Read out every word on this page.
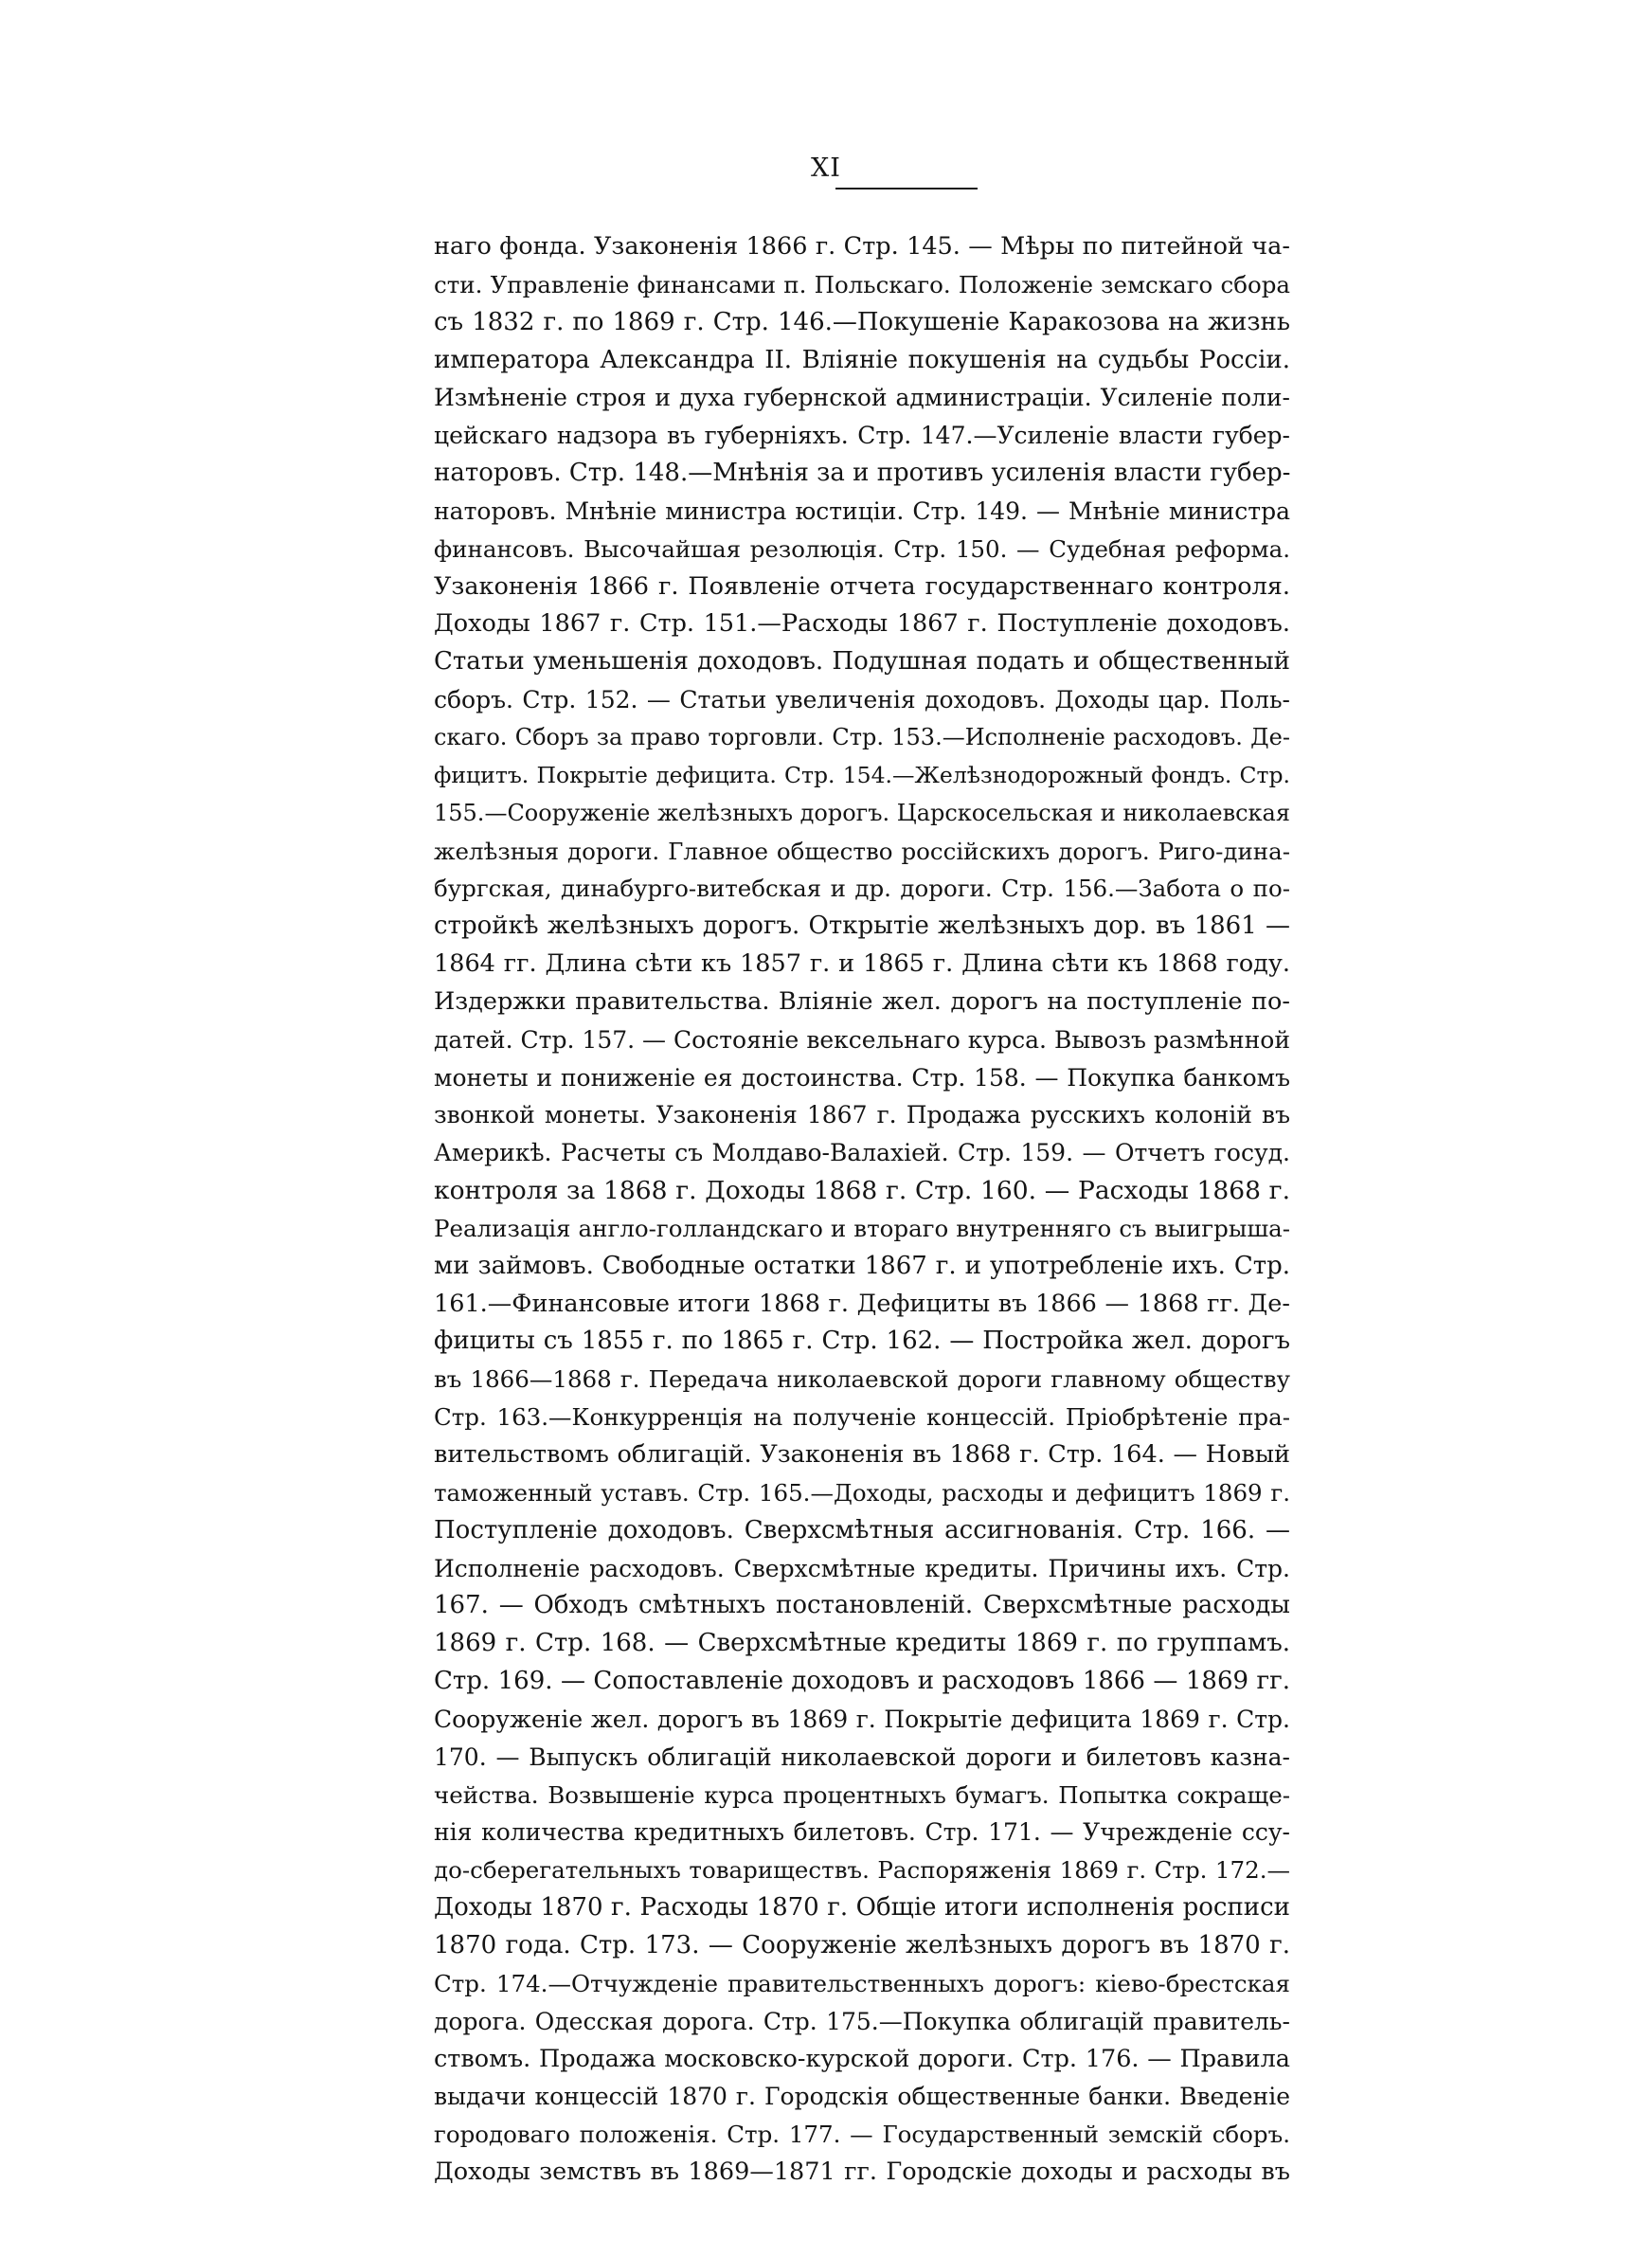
XI
наго фонда. Узаконенія 1866 г. Стр. 145. — Мѣры по питейной ча-
сти. Управленіе финансами п. Польскаго. Положеніе земскаго сбора
съ 1832 г. по 1869 г. Стр. 146.—Покушеніе Каракозова на жизнь
императора Александра II. Вліяніе покушенія на судьбы Россіи.
Измѣненіе строя и духа губернской администраціи. Усиленіе поли-
цейскаго надзора въ губерніяхъ. Стр. 147.—Усиленіе власти губер-
наторовъ. Стр. 148.—Мнѣнія за и противъ усиленія власти губер-
наторовъ. Мнѣніе министра юстиціи. Стр. 149. — Мнѣніе министра
финансовъ. Высочайшая резолюція. Стр. 150. — Судебная реформа.
Узаконенія 1866 г. Появленіе отчета государственнаго контроля.
Доходы 1867 г. Стр. 151.—Расходы 1867 г. Поступленіе доходовъ.
Статьи уменьшенія доходовъ. Подушная подать и общественный
сборъ. Стр. 152. — Статьи увеличенія доходовъ. Доходы цар. Поль-
скаго. Сборъ за право торговли. Стр. 153.—Исполненіе расходовъ. Де-
фицитъ. Покрытіе дефицита. Стр. 154.—Желѣзнодорожный фондъ. Стр.
155.—Сооруженіе желѣзныхъ дорогъ. Царскосельская и николаевская
желѣзныя дороги. Главное общество россійскихъ дорогъ. Риго-дина-
бургская, динабурго-витебская и др. дороги. Стр. 156.—Забота о по-
стройкѣ желѣзныхъ дорогъ. Открытіе желѣзныхъ дор. въ 1861 —
1864 гг. Длина сѣти къ 1857 г. и 1865 г. Длина сѣти къ 1868 году.
Издержки правительства. Вліяніе жел. дорогъ на поступленіе по-
датей. Стр. 157. — Состояніе вексельнаго курса. Вывозъ размѣнной
монеты и пониженіе ея достоинства. Стр. 158. — Покупка банкомъ
звонкой монеты. Узаконенія 1867 г. Продажа русскихъ колоній въ
Америкѣ. Расчеты съ Молдаво-Валахіей. Стр. 159. — Отчетъ госуд.
контроля за 1868 г. Доходы 1868 г. Стр. 160. — Расходы 1868 г.
Реализація англо-голландскаго и втораго внутренняго съ выигрыша-
ми займовъ. Свободные остатки 1867 г. и употребленіе ихъ. Стр.
161.—Финансовые итоги 1868 г. Дефициты въ 1866 — 1868 гг. Де-
фициты съ 1855 г. по 1865 г. Стр. 162. — Постройка жел. дорогъ
въ 1866—1868 г. Передача николаевской дороги главному обществу
Стр. 163.—Конкурренція на полученіе концессій. Пріобрѣтеніе пра-
вительствомъ облигацій. Узаконенія въ 1868 г. Стр. 164. — Новый
таможенный уставъ. Стр. 165.—Доходы, расходы и дефицитъ 1869 г.
Поступленіе доходовъ. Сверхсмѣтныя ассигнованія. Стр. 166. —
Исполненіе расходовъ. Сверхсмѣтные кредиты. Причины ихъ. Стр.
167. — Обходъ смѣтныхъ постановленій. Сверхсмѣтные расходы
1869 г. Стр. 168. — Сверхсмѣтные кредиты 1869 г. по группамъ.
Стр. 169. — Сопоставленіе доходовъ и расходовъ 1866 — 1869 гг.
Сооруженіе жел. дорогъ въ 1869 г. Покрытіе дефицита 1869 г. Стр.
170. — Выпускъ облигацій николаевской дороги и билетовъ казна-
чейства. Возвышеніе курса процентныхъ бумагъ. Попытка сокраще-
нія количества кредитныхъ билетовъ. Стр. 171. — Учрежденіе ссу-
до-сберегательныхъ товариществъ. Распоряженія 1869 г. Стр. 172.—
Доходы 1870 г. Расходы 1870 г. Общіе итоги исполненія росписи
1870 года. Стр. 173. — Сооруженіе желѣзныхъ дорогъ въ 1870 г.
Стр. 174.—Отчужденіе правительственныхъ дорогъ: кіево-брестская
дорога. Одесская дорога. Стр. 175.—Покупка облигацій правитель-
ствомъ. Продажа московско-курской дороги. Стр. 176. — Правила
выдачи концессій 1870 г. Городскія общественные банки. Введеніе
городоваго положенія. Стр. 177. — Государственный земскій сборъ.
Доходы земствъ въ 1869—1871 гг. Городскіе доходы и расходы въ
